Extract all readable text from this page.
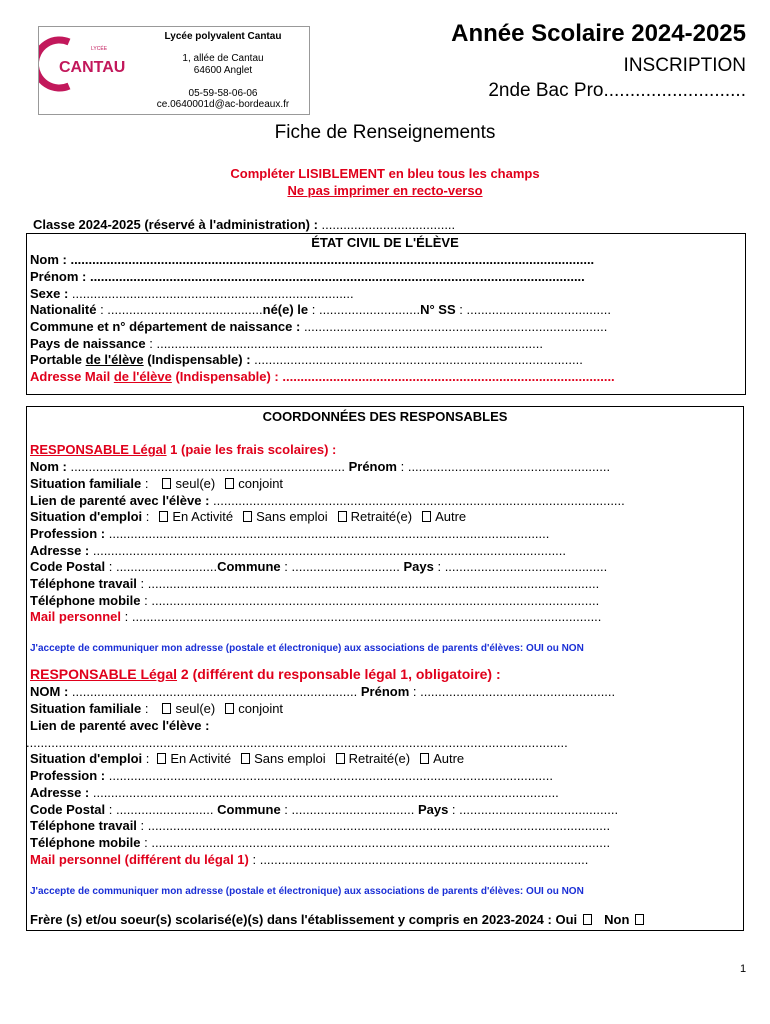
CANTAU
LYCÉE
Lycée polyvalent Cantau
1, allée de Cantau
64600 Anglet
05-59-58-06-06
ce.0640001d@ac-bordeaux.fr
Année Scolaire 2024-2025
INSCRIPTION
2nde Bac Pro...........................
Fiche de Renseignements
Compléter LISIBLEMENT en bleu tous les champs
Ne pas imprimer en recto-verso
Classe 2024-2025 (réservé à l'administration) : .....................................
ÉTAT CIVIL DE L'ÉLÈVE
Nom : .................................................................................................................................................
Prénom : .........................................................................................................................................
Sexe : ..............................................................................
Nationalité : ...........................................né(e) le : ............................N° SS : ........................................
Commune et n° département de naissance : ....................................................................................
Pays de naissance : ...........................................................................................................
Portable de l'élève (Indispensable) : ...........................................................................................
Adresse Mail de l'élève (Indispensable) : ............................................................................................
COORDONNÉES DES RESPONSABLES
RESPONSABLE Légal 1 (paie les frais scolaires) :
Nom : ............................................................................ Prénom : ........................................................
Situation familiale : seul(e) conjoint
Lien de parenté avec l'élève : ..................................................................................................................
Situation d'emploi : En Activité Sans emploi Retraité(e) Autre
Profession : ..........................................................................................................................
Adresse : ...................................................................................................................................
Code Postal : ............................Commune : .............................. Pays : .............................................
Téléphone travail : .............................................................................................................................
Téléphone mobile : ............................................................................................................................
Mail personnel : ..................................................................................................................................
J'accepte de communiquer mon adresse (postale et électronique) aux associations de parents d'élèves: OUI ou NON
RESPONSABLE Légal 2 (différent du responsable légal 1, obligatoire) :
NOM : ............................................................................... Prénom : ......................................................
Situation familiale : seul(e) conjoint
Lien de parenté avec l'élève :
......................................................................................................................................................
Situation d'emploi : En Activité Sans emploi Retraité(e) Autre
Profession : ...........................................................................................................................
Adresse : .................................................................................................................................
Code Postal : ........................... Commune : .................................. Pays : ............................................
Téléphone travail : ................................................................................................................................
Téléphone mobile : ...............................................................................................................................
Mail personnel (différent du légal 1) : ...........................................................................................
J'accepte de communiquer mon adresse (postale et électronique) aux associations de parents d'élèves: OUI ou NON
Frère (s) et/ou soeur(s) scolarisé(e)(s) dans l'établissement y compris en 2023-2024 : Oui Non
1
